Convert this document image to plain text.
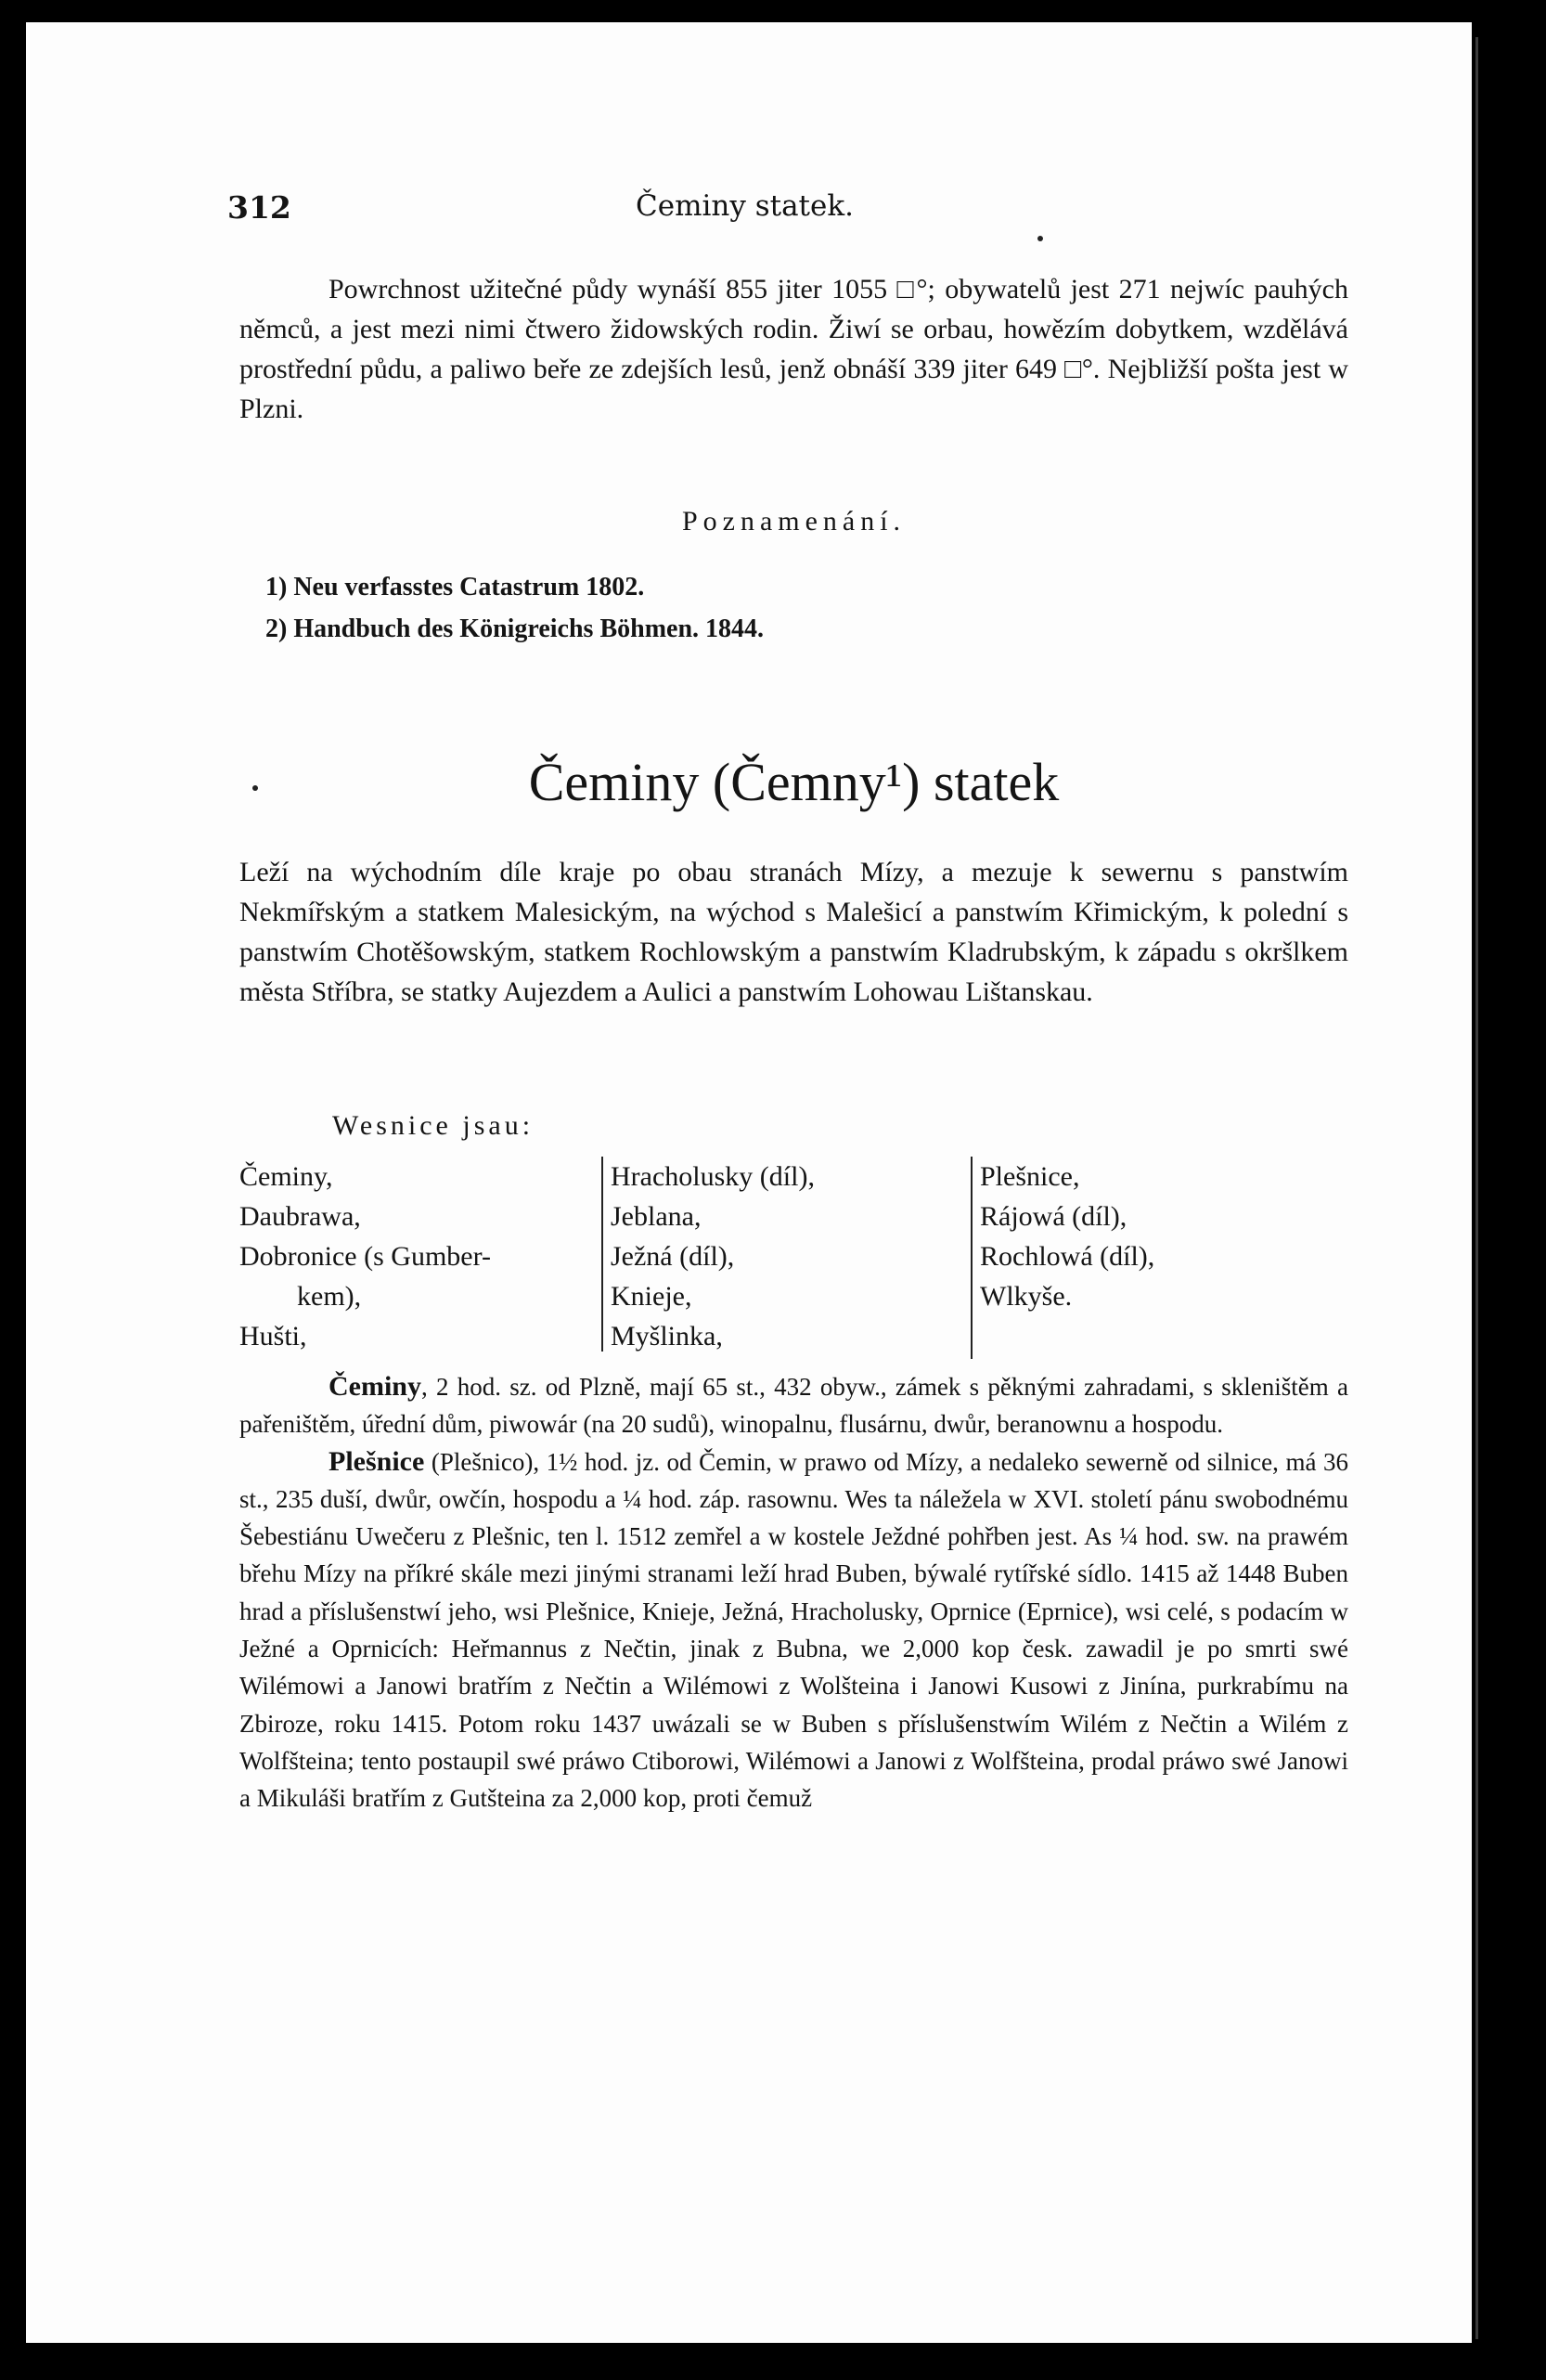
312	Čeminy statek.

Powrchnost užitečné půdy wynáší 855 jiter 1055 □°; obywatelů jest 271 nejwíc pauhých němců, a jest mezi nimi čtwero židowských rodin. Žiwí se orbau, howězím dobytkem, wzdělává prostřední půdu, a paliwo beře ze zdejších lesů, jenž obnáší 339 jiter 649 □°. Nejbližší pošta jest w Plzni.

Poznamenání.
1) Neu verfasstes Catastrum 1802.
2) Handbuch des Königreichs Böhmen. 1844.
Čeminy (Čemny¹) statek

Leží na wýchodním díle kraje po obau stranách Mízy, a mezuje k sewernu s panstwím Nekmířským a statkem Malesickým, na wýchod s Malešicí a panstwím Křimickým, k polední s panstwím Chotěšowským, statkem Rochlowským a panstwím Kladrubským, k západu s okršlkem města Stříbra, se statky Aujezdem a Aulici a panstwím Lohowau Lištanskau.

Wesnice jsau:
Čeminy,
Daubrawa,
Dobronice (s Gumber-
kem),
Hušti,
Hracholusky (díl),
Jeblana,
Ježná (díl),
Knieje,
Myšlinka,
Plešnice,
Rájowá (díl),
Rochlowá (díl),
Wlkyše.

Čeminy, 2 hod. sz. od Plzně, mají 65 st., 432 obyw., zámek s pěknými zahradami, s skleništěm a pařeništěm, úřední dům, piwowár (na 20 sudů), winopalnu, flusárnu, dwůr, beranownu a hospodu.

Plešnice (Plešnico), 1½ hod. jz. od Čemin, w prawo od Mízy, a nedaleko sewerně od silnice, má 36 st., 235 duší, dwůr, owčín, hospodu a ¼ hod. záp. rasownu. Wes ta náležela w XVI. století pánu swobodnému Šebestiánu Uwečeru z Plešnic, ten l. 1512 zemřel a w kostele Ježdné pohřben jest. As ¼ hod. sw. na prawém břehu Mízy na příkré skále mezi jinými stranami leží hrad Buben, býwalé rytířské sídlo. 1415 až 1448 Buben hrad a příslušenstwí jeho, wsi Plešnice, Knieje, Ježná, Hracholusky, Oprnice (Eprnice), wsi celé, s podacím w Ježné a Oprnicích: Heřmannus z Nečtin, jinak z Bubna, we 2,000 kop česk. zawadil je po smrti swé Wilémowi a Janowi bratřím z Nečtin a Wilémowi z Wolšteina i Janowi Kusowi z Jinína, purkrabímu na Zbiroze, roku 1415. Potom roku 1437 uwázali se w Buben s příslušenstwím Wilém z Nečtin a Wilém z Wolfšteina; tento postaupil swé práwo Ctiborowi, Wilémowi a Janowi z Wolfšteina, prodal práwo swé Janowi a Mikuláši bratřím z Gutšteina za 2,000 kop, proti čemuž
